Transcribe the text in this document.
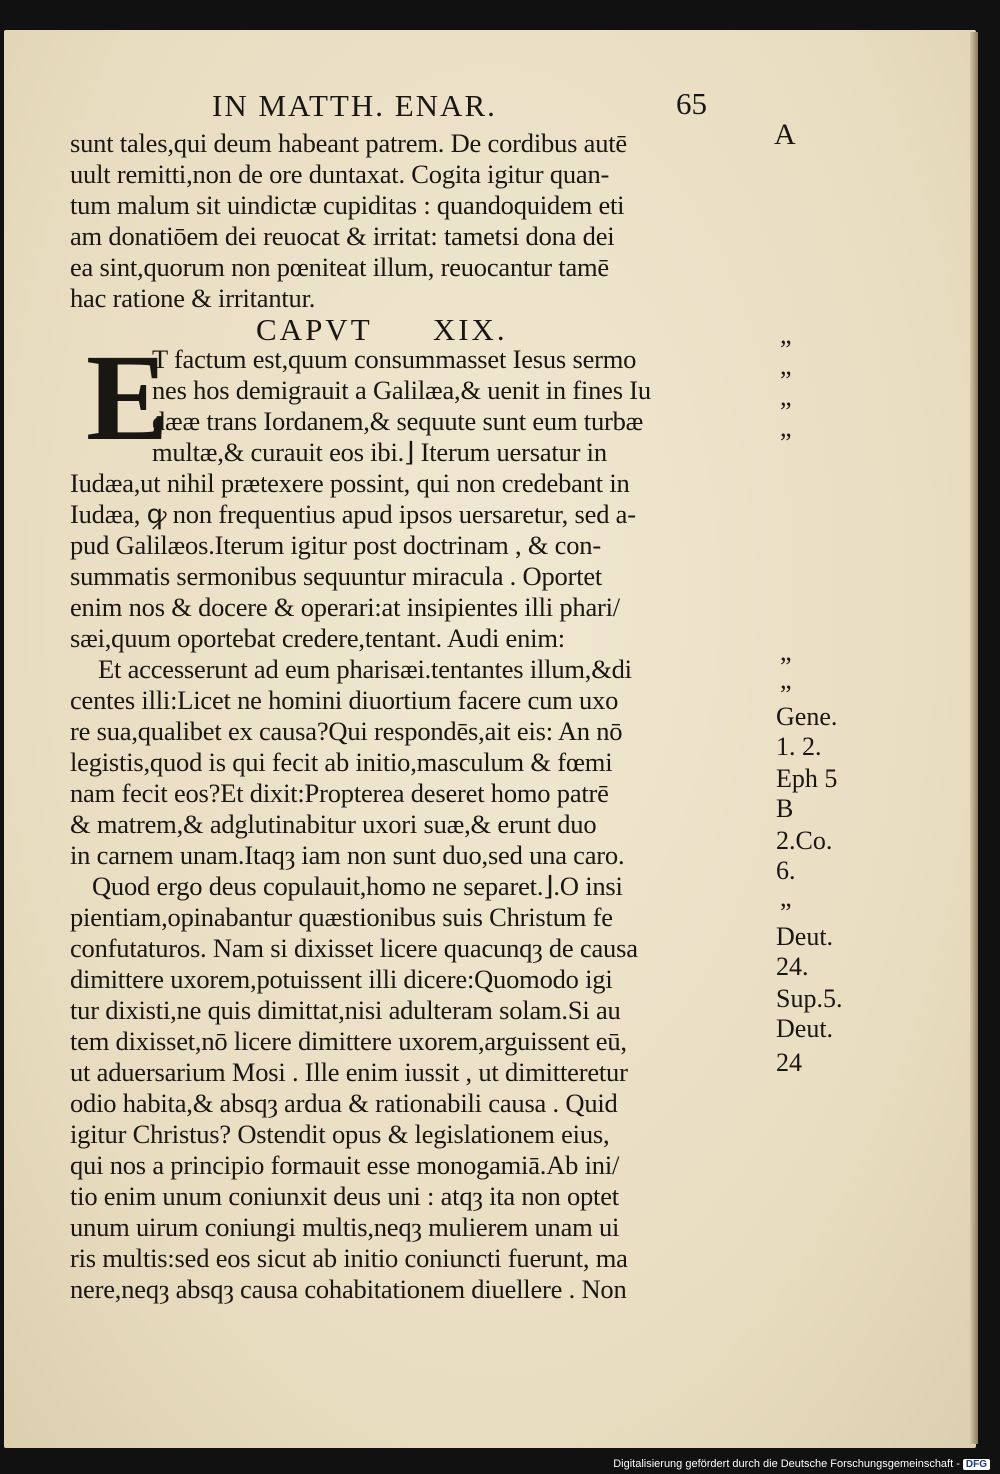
IN MATTH. ENAR.	65
sunt tales,qui deum habeant patrem. De cordibus autē
uult remitti,non de ore duntaxat. Cogita igitur quan-
tum malum sit uindictæ cupiditas : quandoquidem eti
am donatiōem dei reuocat & irritat: tametsi dona dei
ea sint,quorum non pœniteat illum, reuocantur tamē
hac ratione & irritantur.
CAPVT XIX.
E
T factum est,quum consummasset Iesus sermo
nes hos demigrauit a Galilæa,& uenit in fines Iu
dææ trans Iordanem,& sequute sunt eum turbæ
multæ,& curauit eos ibi.⌋ Iterum uersatur in
Iudæa,ut nihil prætexere possint, qui non credebant in
Iudæa, ꝙ non frequentius apud ipsos uersaretur, sed a-
pud Galilæos.Iterum igitur post doctrinam , & con-
summatis sermonibus sequuntur miracula . Oportet
enim nos & docere & operari:at insipientes illi phari/
sæi,quum oportebat credere,tentant. Audi enim:
Et accesserunt ad eum pharisæi.tentantes illum,&di
centes illi:Licet ne homini diuortium facere cum uxo
re sua,qualibet ex causa?Qui respondēs,ait eis: An nō
legistis,quod is qui fecit ab initio,masculum & fœmi
nam fecit eos?Et dixit:Propterea deseret homo patrē
& matrem,& adglutinabitur uxori suæ,& erunt duo
in carnem unam.Itaqȝ iam non sunt duo,sed una caro.
Quod ergo deus copulauit,homo ne separet.⌋.O insi
pientiam,opinabantur quæstionibus suis Christum fe
confutaturos. Nam si dixisset licere quacunqȝ de causa
dimittere uxorem,potuissent illi dicere:Quomodo igi
tur dixisti,ne quis dimittat,nisi adulteram solam.Si au
tem dixisset,nō licere dimittere uxorem,arguissent eū,
ut aduersarium Mosi . Ille enim iussit , ut dimitteretur
odio habita,& absqȝ ardua & rationabili causa . Quid
igitur Christus? Ostendit opus & legislationem eius,
qui nos a principio formauit esse monogamiā.Ab ini/
tio enim unum coniunxit deus uni : atqȝ ita non optet
unum uirum coniungi multis,neqȝ mulierem unam ui
ris multis:sed eos sicut ab initio coniuncti fuerunt, ma
nere,neqȝ absqȝ causa cohabitationem diuellere . Non
A
”
”
”
”
”
”
Gene.
1. 2.
Eph 5
B
2.Co.
6.
”
Deut.
24.
Sup.5.
Deut.
24
Digitalisierung gefördert durch die Deutsche Forschungsgemeinschaft - DFG
